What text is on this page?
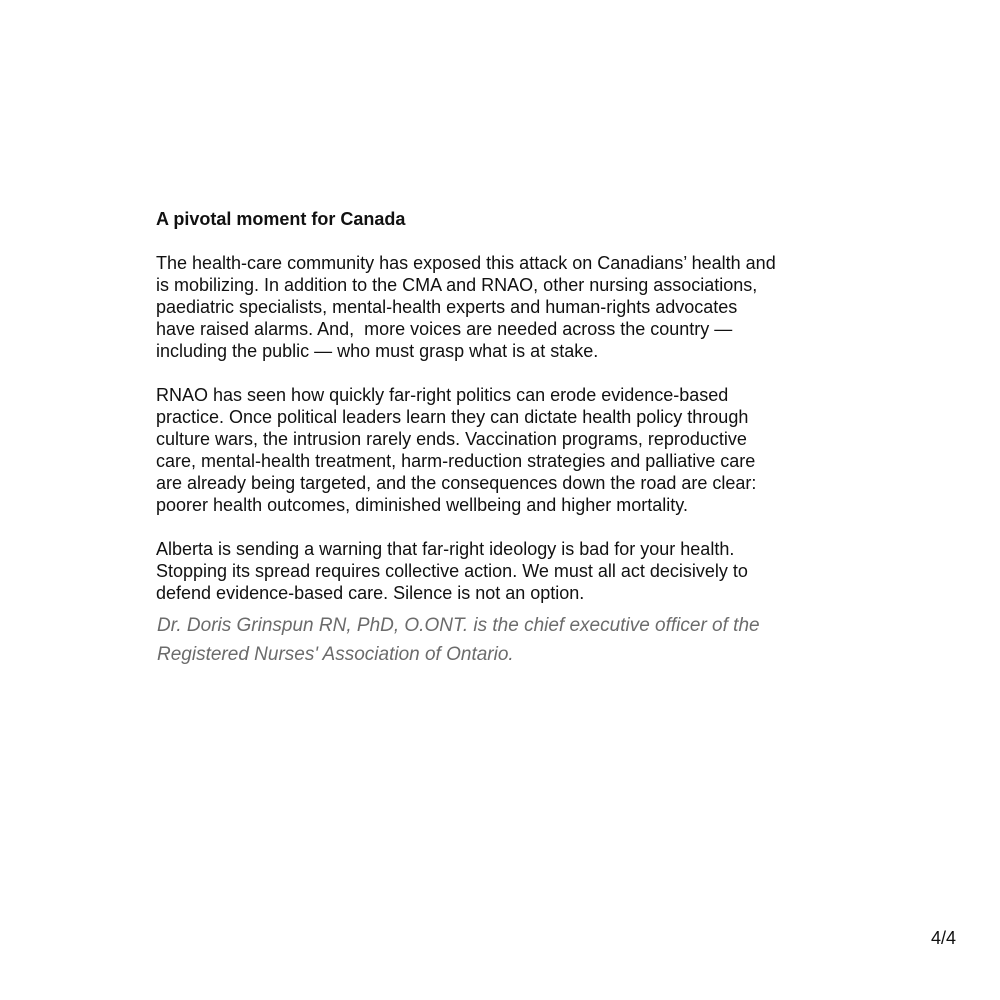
A pivotal moment for Canada

The health-care community has exposed this attack on Canadians’ health and
is mobilizing. In addition to the CMA and RNAO, other nursing associations,
paediatric specialists, mental-health experts and human-rights advocates
have raised alarms. And,  more voices are needed across the country —
including the public — who must grasp what is at stake.

RNAO has seen how quickly far-right politics can erode evidence-based
practice. Once political leaders learn they can dictate health policy through
culture wars, the intrusion rarely ends. Vaccination programs, reproductive
care, mental-health treatment, harm-reduction strategies and palliative care
are already being targeted, and the consequences down the road are clear:
poorer health outcomes, diminished wellbeing and higher mortality.

Alberta is sending a warning that far-right ideology is bad for your health.
Stopping its spread requires collective action. We must all act decisively to
defend evidence-based care. Silence is not an option.

Dr. Doris Grinspun RN, PhD, O.ONT. is the chief executive officer of the
Registered Nurses' Association of Ontario.

4/4
